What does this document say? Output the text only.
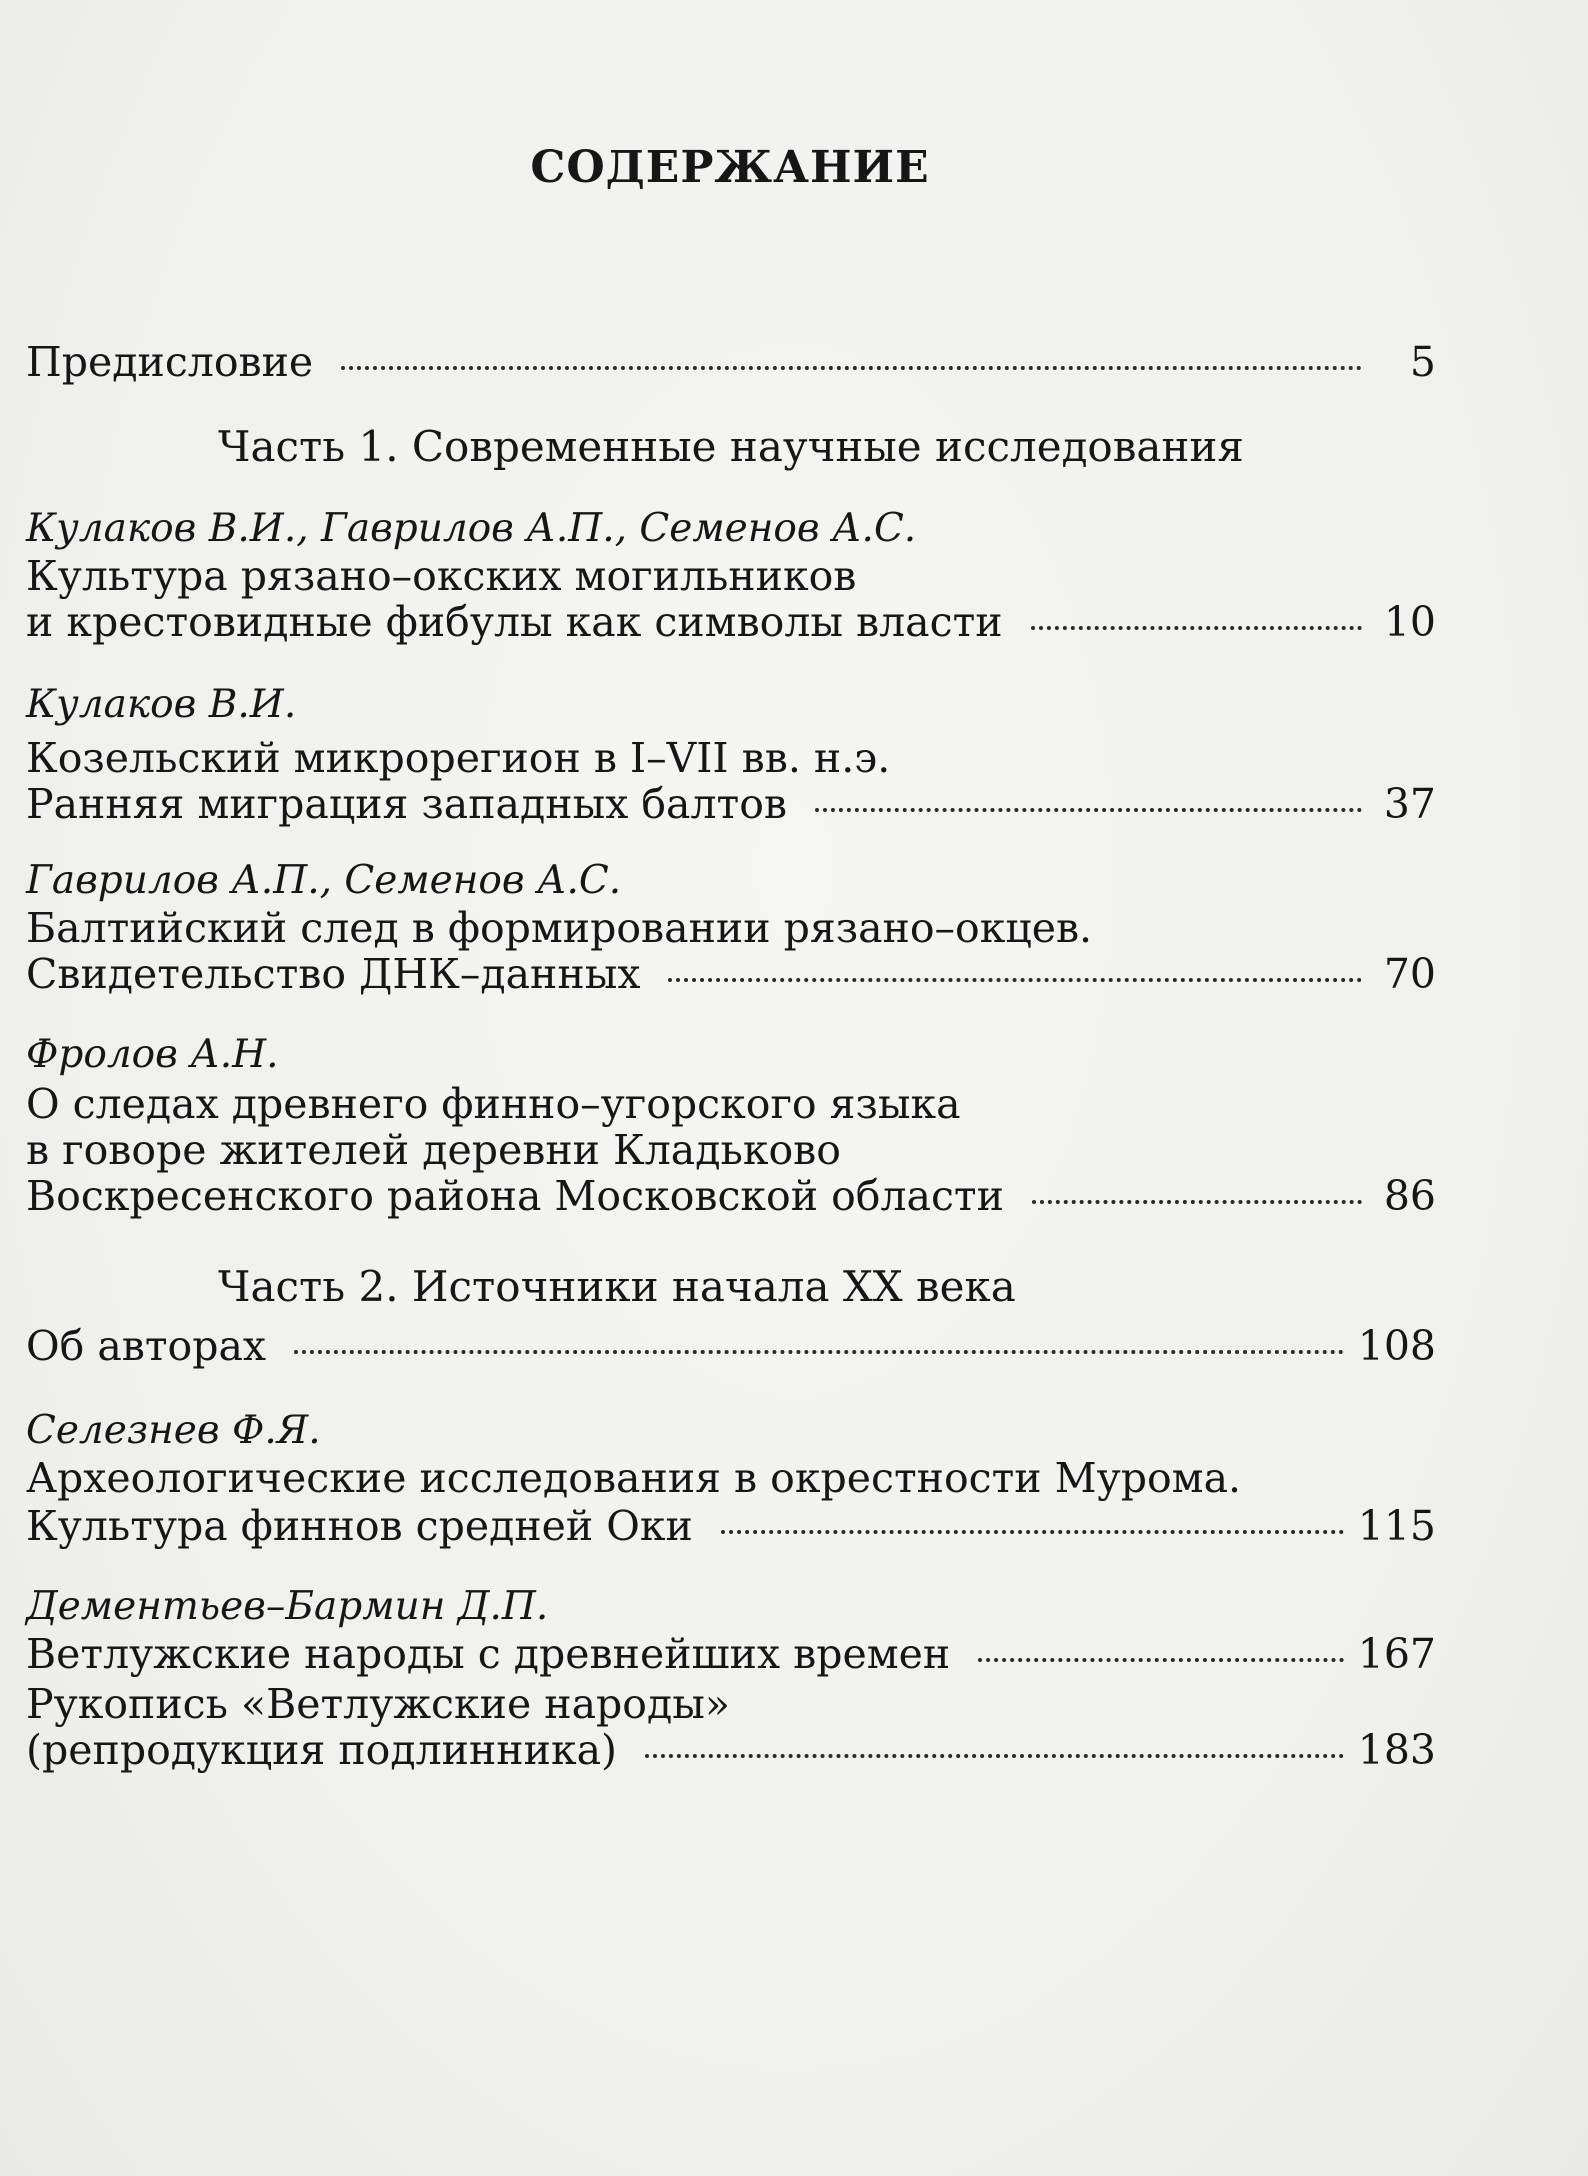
СОДЕРЖАНИЕ
Предисловие	5
Часть 1. Современные научные исследования
Кулаков В.И., Гаврилов А.П., Семенов А.С.
Культура рязано–окских могильников
и крестовидные фибулы как символы власти	10
Кулаков В.И.
Козельский микрорегион в I–VII вв. н.э.
Ранняя миграция западных балтов	37
Гаврилов А.П., Семенов А.С.
Балтийский след в формировании рязано–окцев.
Свидетельство ДНК–данных	70
Фролов А.Н.
О следах древнего финно–угорского языка
в говоре жителей деревни Кладьково
Воскресенского района Московской области	86
Часть 2. Источники начала XX века
Об авторах	108
Селезнев Ф.Я.
Археологические исследования в окрестности Мурома.
Культура финнов средней Оки	115
Дементьев–Бармин Д.П.
Ветлужские народы с древнейших времен	167
Рукопись «Ветлужские народы»
(репродукция подлинника)	183
